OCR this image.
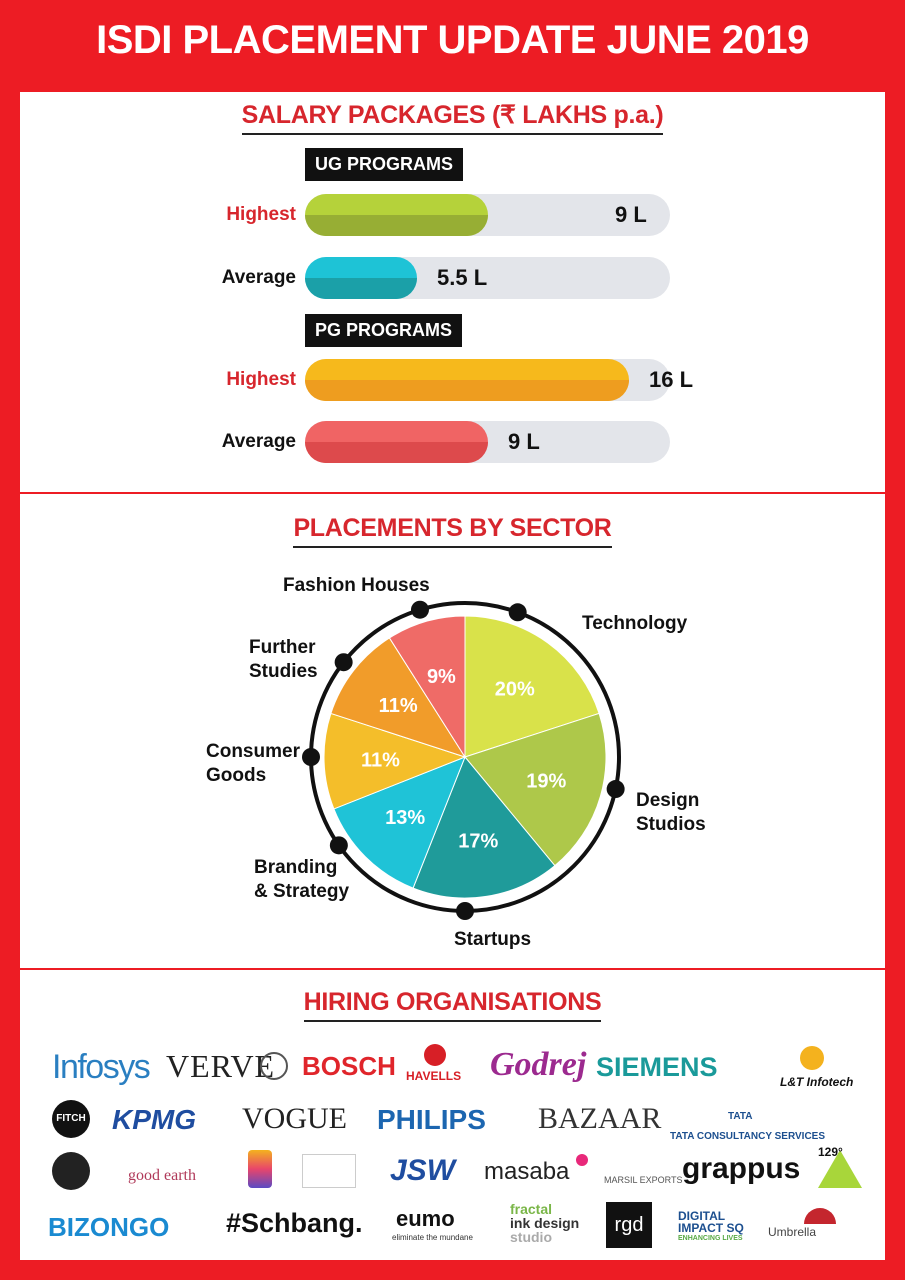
ISDI PLACEMENT UPDATE JUNE 2019
SALARY PACKAGES (₹ LAKHS p.a.)
UG PROGRAMS
PG PROGRAMS
Highest	9 L
Average	5.5 L
Highest	16 L
Average	9 L
PLACEMENTS BY SECTOR
20%
19%
17%
13%
11%
11%
9%
Fashion Houses
Technology
Further
Studies
Consumer
Goods
Design
Studios
Branding
& Strategy
Startups
HIRING ORGANISATIONS
Infosys VERVE BOSCH HAVELLS Godrej SIEMENS	L&T Infotech
FITCH KPMG VOGUE PHILIPS BAZAAR	TATA
TATA CONSULTANCY SERVICES
good earth	JSW masaba	MARSIL EXPORTS grappus 129°
BIZONGO #Schbang. eumo
eliminate the mundane
fractal
ink design
studio
rgd	DIGITAL
IMPACT SQ
ENHANCING LIVES Umbrella
